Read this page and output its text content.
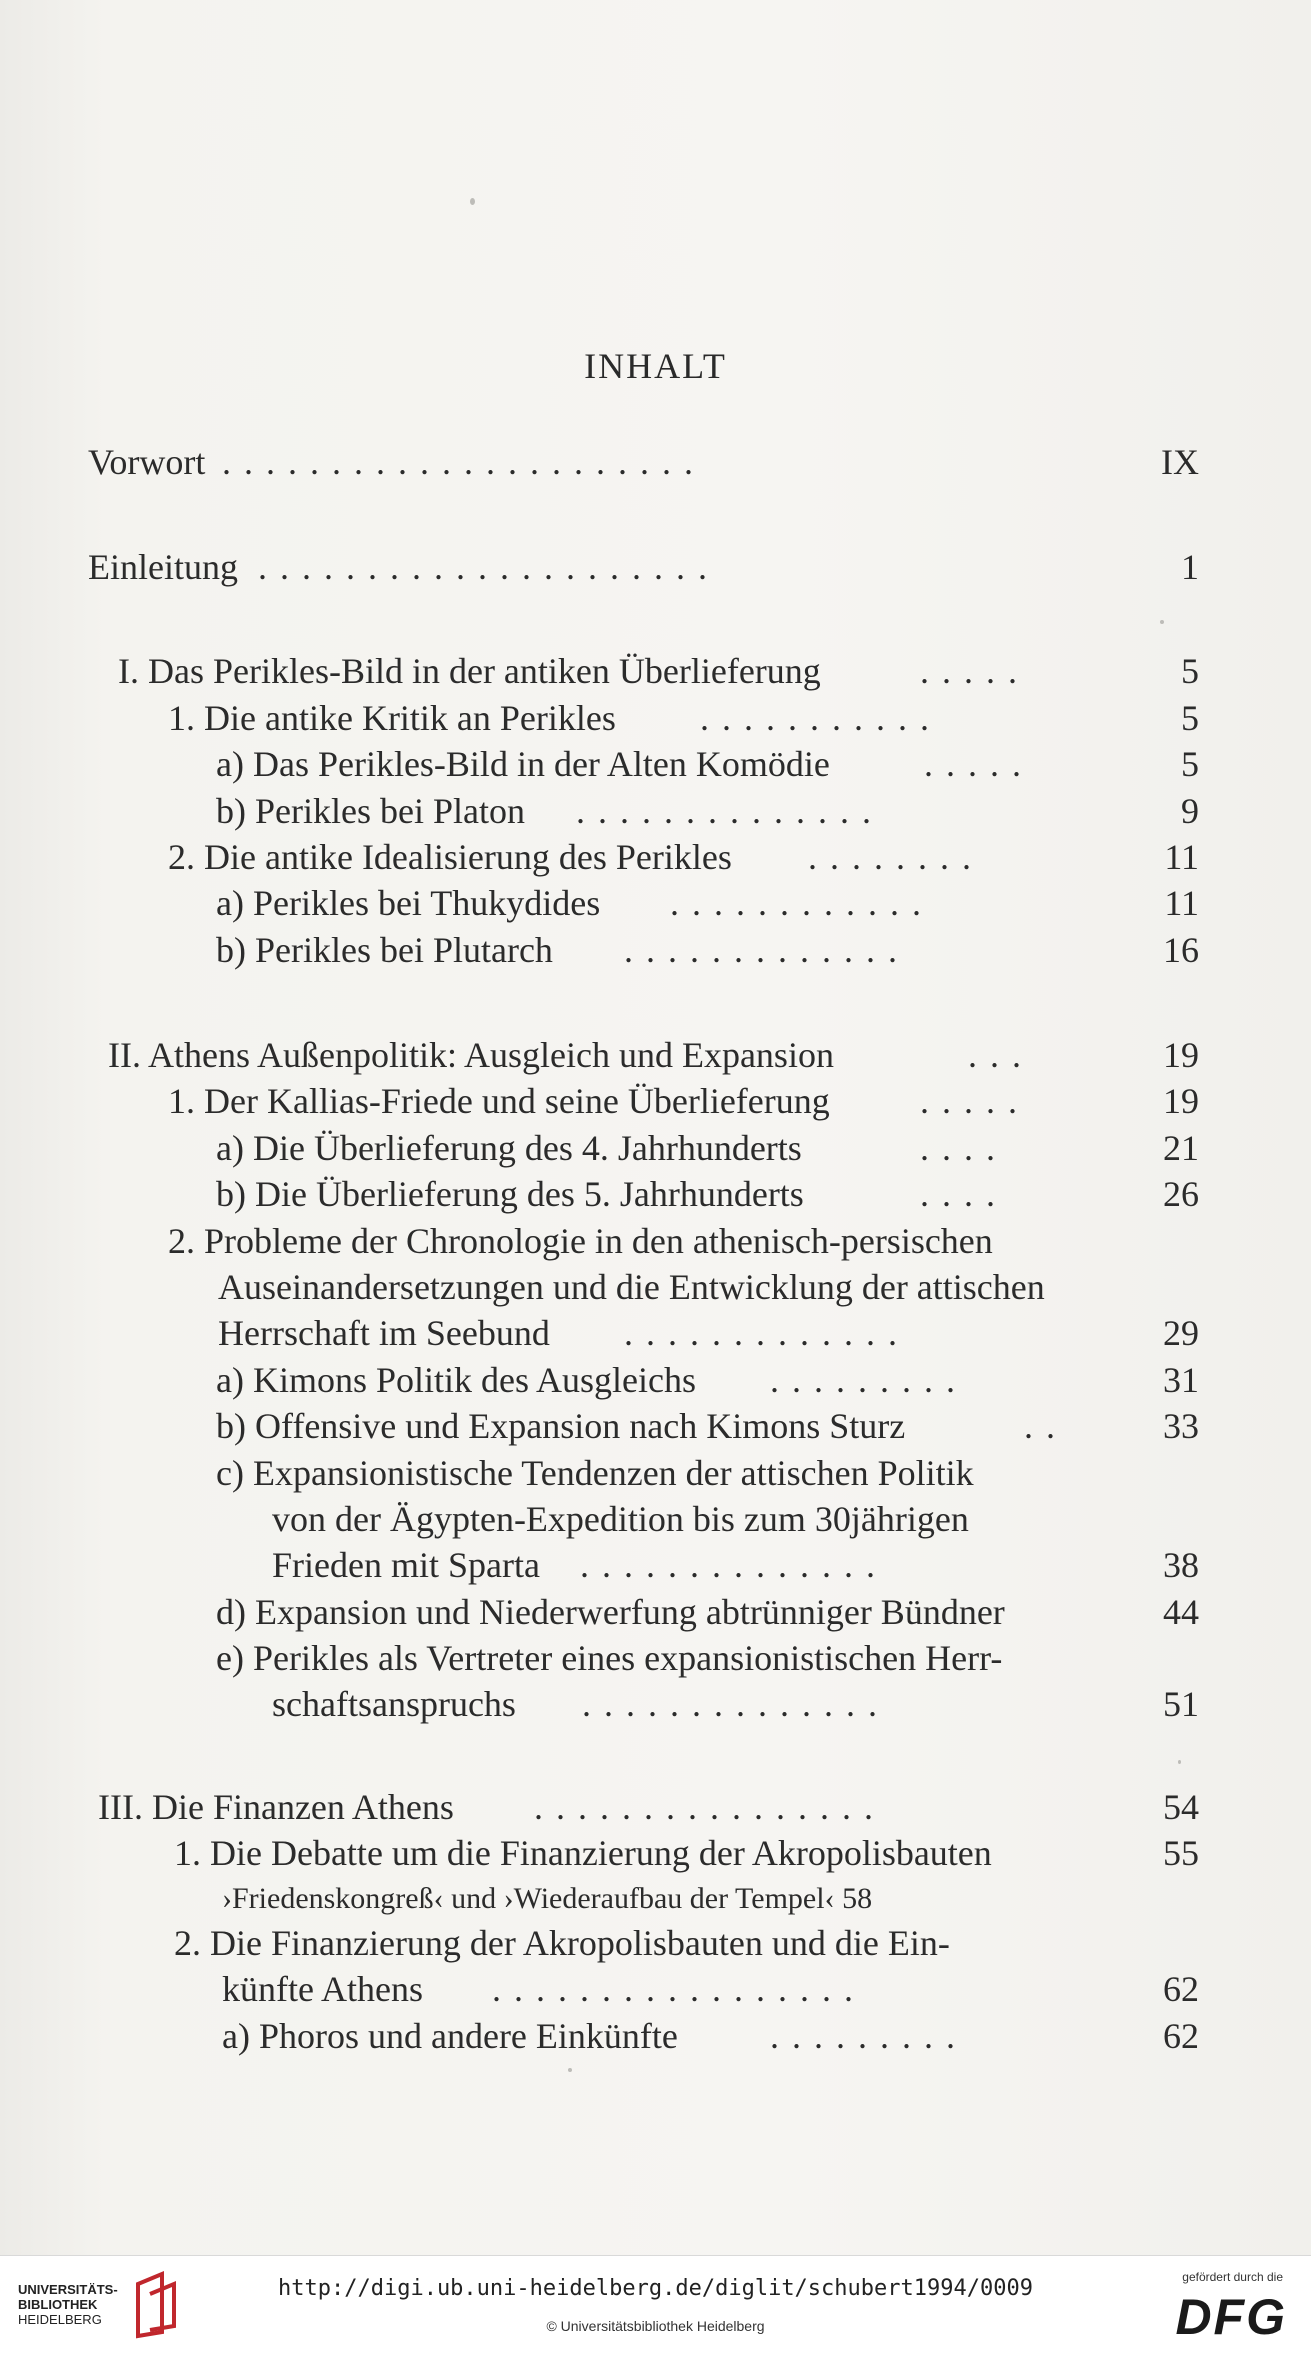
INHALT
Vorwort ......................	IX
Einleitung .....................	1
I. Das Perikles-Bild in der antiken Überlieferung	.....	5
1. Die antike Kritik an Perikles ...........	5
a) Das Perikles-Bild in der Alten Komödie	.....	5
b) Perikles bei Platon ..............	9
2. Die antike Idealisierung des Perikles ........	11
a) Perikles bei Thukydides ............	11
b) Perikles bei Plutarch .............	16
II. Athens Außenpolitik: Ausgleich und Expansion	...	19
1. Der Kallias-Friede und seine Überlieferung	.....	19
a) Die Überlieferung des 4. Jahrhunderts	....	21
b) Die Überlieferung des 5. Jahrhunderts	....	26
2. Probleme der Chronologie in den athenisch-persischen
Auseinandersetzungen und die Entwicklung der attischen
Herrschaft im Seebund .............	29
a) Kimons Politik des Ausgleichs .........	31
b) Offensive und Expansion nach Kimons Sturz	..	33
c) Expansionistische Tendenzen der attischen Politik
von der Ägypten-Expedition bis zum 30jährigen
Frieden mit Sparta ..............	38
d) Expansion und Niederwerfung abtrünniger Bündner	44
e) Perikles als Vertreter eines expansionistischen Herr-
schaftsanspruchs ..............	51
III. Die Finanzen Athens ................	54
1. Die Debatte um die Finanzierung der Akropolisbauten	55
›Friedenskongreß‹ und ›Wiederaufbau der Tempel‹ 58
2. Die Finanzierung der Akropolisbauten und die Ein-
künfte Athens .................	62
a) Phoros und andere Einkünfte	.........	62
UNIVERSITÄTS-
BIBLIOTHEK
HEIDELBERG
http://digi.ub.uni-heidelberg.de/diglit/schubert1994/0009
© Universitätsbibliothek Heidelberg
gefördert durch die
DFG
